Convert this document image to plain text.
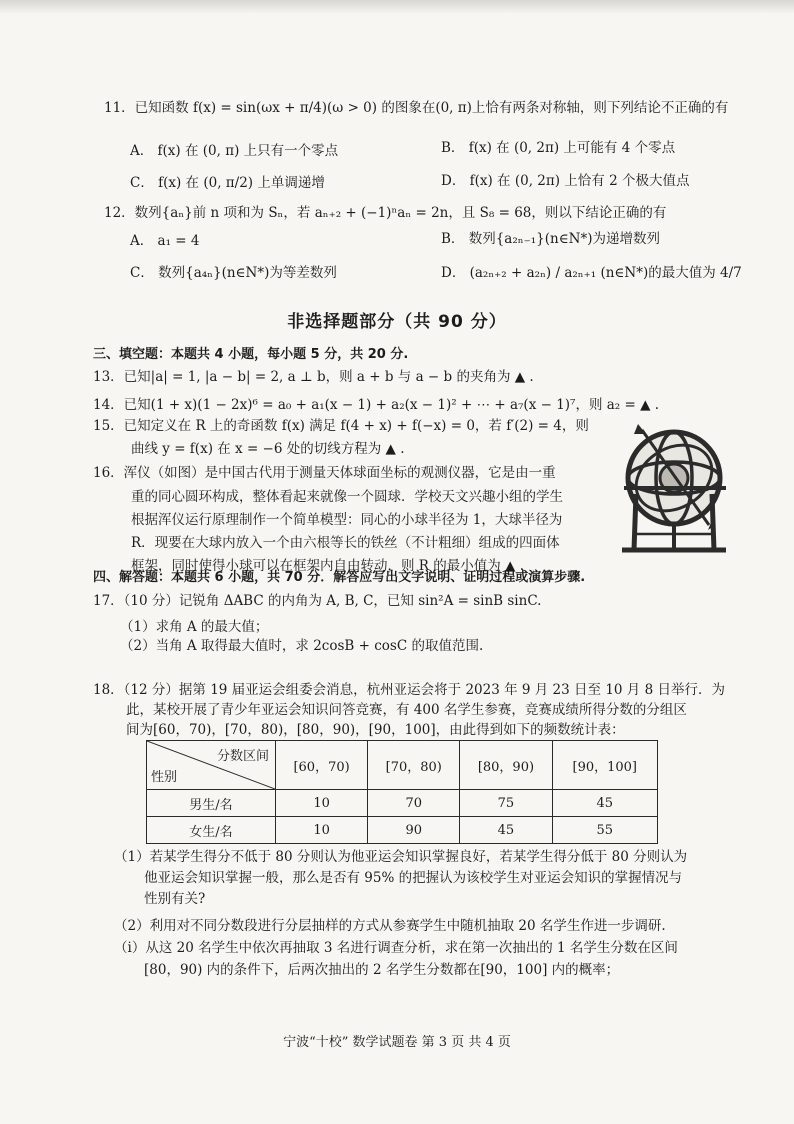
11．已知函数 f(x) = sin(ωx + π/4)(ω > 0) 的图象在(0, π)上恰有两条对称轴，则下列结论不正确的有
A． f(x) 在 (0, π) 上只有一个零点	B． f(x) 在 (0, 2π) 上可能有 4 个零点
C． f(x) 在 (0, π/2) 上单调递增	D． f(x) 在 (0, 2π) 上恰有 2 个极大值点
12．数列{aₙ}前 n 项和为 Sₙ，若 aₙ₊₂ + (−1)ⁿaₙ = 2n，且 S₈ = 68，则以下结论正确的有
A． a₁ = 4	B． 数列{a₂ₙ₋₁}(n∈N*)为递增数列
C． 数列{a₄ₙ}(n∈N*)为等差数列	D． (a₂ₙ₊₂ + a₂ₙ) / a₂ₙ₊₁ (n∈N*)的最大值为 4/7
非选择题部分（共 90 分）
三、填空题：本题共 4 小题，每小题 5 分，共 20 分.
13．已知|a| = 1, |a − b| = 2, a ⊥ b，则 a + b 与 a − b 的夹角为 ▲ .
14．已知(1 + x)(1 − 2x)⁶ = a₀ + a₁(x − 1) + a₂(x − 1)² + ⋯ + a₇(x − 1)⁷，则 a₂ = ▲ .
15．已知定义在 R 上的奇函数 f(x) 满足 f(4 + x) + f(−x) = 0，若 f′(2) = 4，则
曲线 y = f(x) 在 x = −6 处的切线方程为 ▲ .
16．浑仪（如图）是中国古代用于测量天体球面坐标的观测仪器，它是由一重
重的同心圆环构成，整体看起来就像一个圆球．学校天文兴趣小组的学生
根据浑仪运行原理制作一个简单模型：同心的小球半径为 1，大球半径为
R．现要在大球内放入一个由六根等长的铁丝（不计粗细）组成的四面体
框架，同时使得小球可以在框架内自由转动，则 R 的最小值为 ▲ .
四、解答题：本题共 6 小题，共 70 分．解答应写出文字说明、证明过程或演算步骤.
17．（10 分）记锐角 ΔABC 的内角为 A, B, C，已知 sin²A = sinB sinC.
（1）求角 A 的最大值；
（2）当角 A 取得最大值时，求 2cosB + cosC 的取值范围.
18．（12 分）据第 19 届亚运会组委会消息，杭州亚运会将于 2023 年 9 月 23 日至 10 月 8 日举行．为
此，某校开展了青少年亚运会知识问答竞赛，有 400 名学生参赛，竞赛成绩所得分数的分组区
间为[60，70)，[70，80)，[80，90)，[90，100]，由此得到如下的频数统计表：
分数区间
性别	[60，70)	[70，80)	[80，90)	[90，100]
男生/名	10	70	75	45
女生/名	10	90	45	55
（1）若某学生得分不低于 80 分则认为他亚运会知识掌握良好，若某学生得分低于 80 分则认为
他亚运会知识掌握一般，那么是否有 95% 的把握认为该校学生对亚运会知识的掌握情况与
性别有关?
（2）利用对不同分数段进行分层抽样的方式从参赛学生中随机抽取 20 名学生作进一步调研.
（i）从这 20 名学生中依次再抽取 3 名进行调查分析，求在第一次抽出的 1 名学生分数在区间
[80，90) 内的条件下，后两次抽出的 2 名学生分数都在[90，100] 内的概率；
宁波“十校” 数学试题卷 第 3 页 共 4 页
